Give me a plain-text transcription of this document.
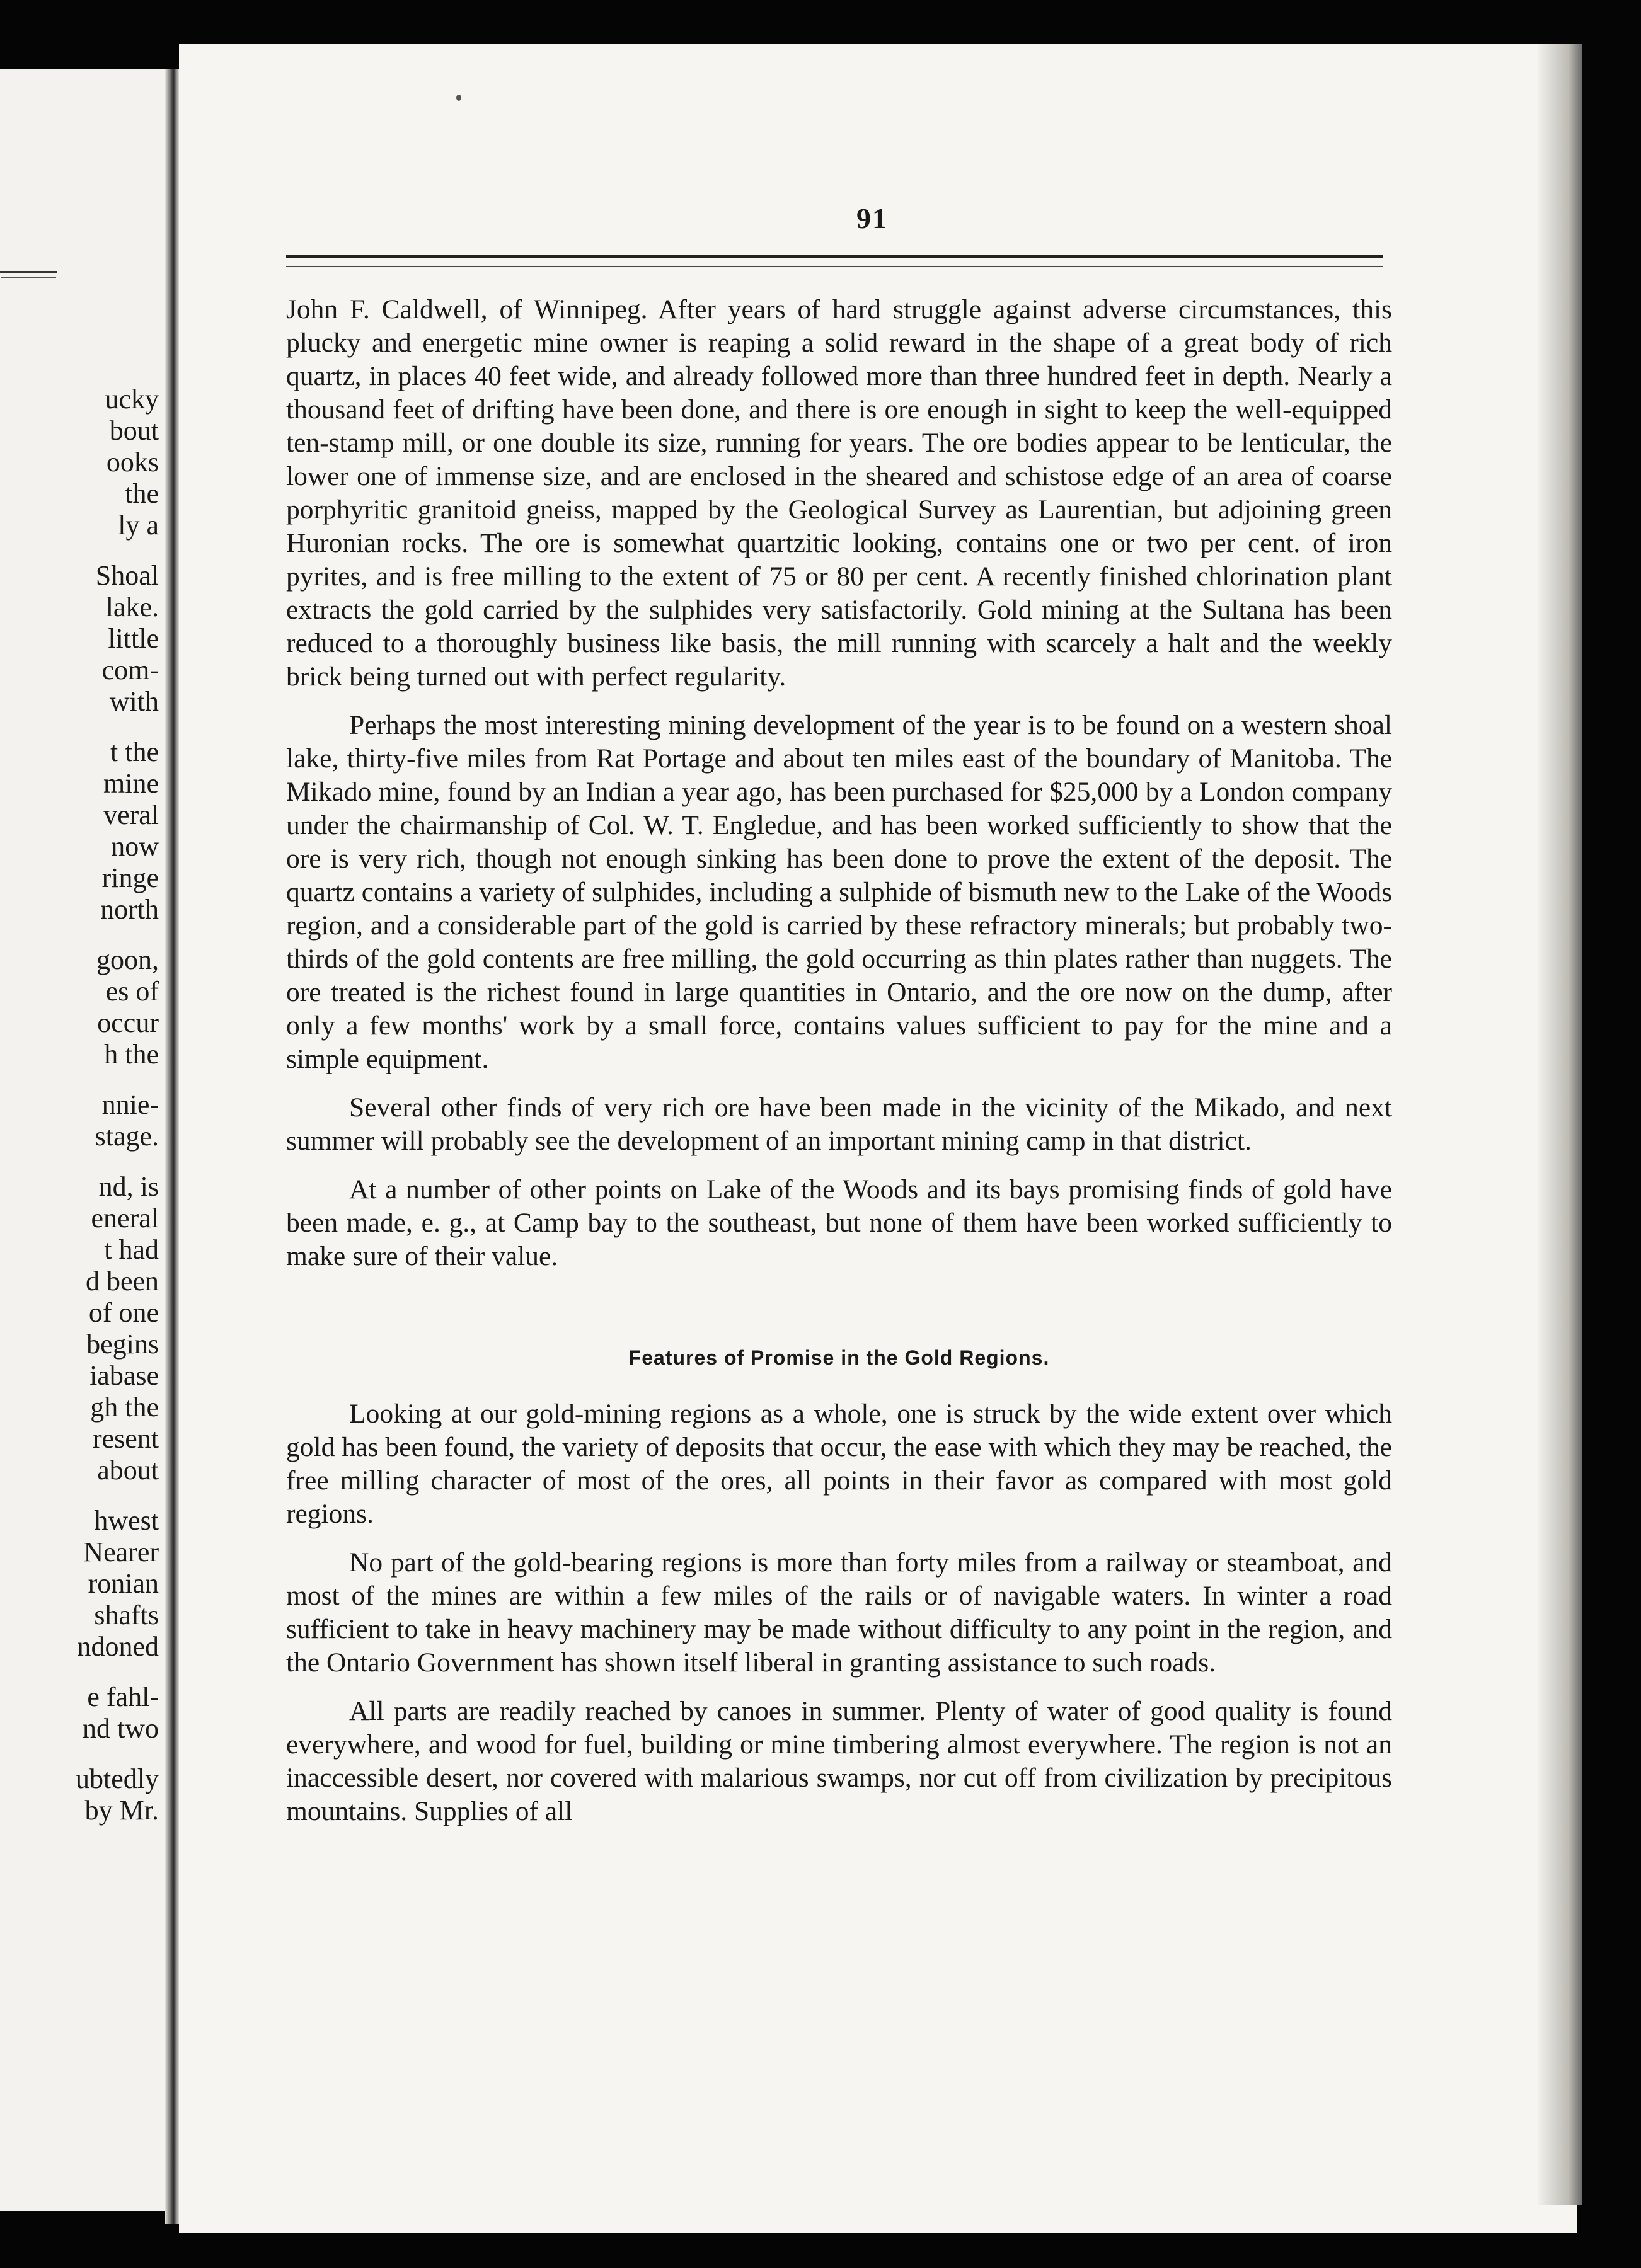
ucky
bout
ooks
the
ly a
Shoal
lake.
little
com-
with
t the
mine
veral
now
ringe
north
goon,
es of
occur
h the
nnie-
stage.
nd, is
eneral
t had
d been
of one
begins
iabase
gh the
resent
about
hwest
Nearer
ronian
shafts
ndoned
e fahl-
nd two
ubtedly
by Mr.
91

John F. Caldwell, of Winnipeg. After years of hard struggle against adverse circumstances, this plucky and energetic mine owner is reaping a solid reward in the shape of a great body of rich quartz, in places 40 feet wide, and already followed more than three hundred feet in depth. Nearly a thousand feet of drifting have been done, and there is ore enough in sight to keep the well-equipped ten-stamp mill, or one double its size, running for years. The ore bodies appear to be lenticular, the lower one of immense size, and are enclosed in the sheared and schistose edge of an area of coarse porphyritic granitoid gneiss, mapped by the Geological Survey as Laurentian, but adjoining green Huronian rocks. The ore is somewhat quartzitic looking, contains one or two per cent. of iron pyrites, and is free milling to the extent of 75 or 80 per cent. A recently finished chlorination plant extracts the gold carried by the sulphides very satisfactorily. Gold mining at the Sultana has been reduced to a thoroughly business like basis, the mill running with scarcely a halt and the weekly brick being turned out with perfect regularity.

Perhaps the most interesting mining development of the year is to be found on a western shoal lake, thirty-five miles from Rat Portage and about ten miles east of the boundary of Manitoba. The Mikado mine, found by an Indian a year ago, has been purchased for $25,000 by a London company under the chairmanship of Col. W. T. Engledue, and has been worked sufficiently to show that the ore is very rich, though not enough sinking has been done to prove the extent of the deposit. The quartz contains a variety of sulphides, including a sulphide of bismuth new to the Lake of the Woods region, and a considerable part of the gold is carried by these refractory minerals; but probably two-thirds of the gold contents are free milling, the gold occurring as thin plates rather than nuggets. The ore treated is the richest found in large quantities in Ontario, and the ore now on the dump, after only a few months' work by a small force, contains values sufficient to pay for the mine and a simple equipment.

Several other finds of very rich ore have been made in the vicinity of the Mikado, and next summer will probably see the development of an important mining camp in that district.

At a number of other points on Lake of the Woods and its bays promising finds of gold have been made, e. g., at Camp bay to the southeast, but none of them have been worked sufficiently to make sure of their value.

Features of Promise in the Gold Regions.

Looking at our gold-mining regions as a whole, one is struck by the wide extent over which gold has been found, the variety of deposits that occur, the ease with which they may be reached, the free milling character of most of the ores, all points in their favor as compared with most gold regions.

No part of the gold-bearing regions is more than forty miles from a railway or steamboat, and most of the mines are within a few miles of the rails or of navigable waters. In winter a road sufficient to take in heavy machinery may be made without difficulty to any point in the region, and the Ontario Government has shown itself liberal in granting assistance to such roads.

All parts are readily reached by canoes in summer. Plenty of water of good quality is found everywhere, and wood for fuel, building or mine timbering almost everywhere. The region is not an inaccessible desert, nor covered with malarious swamps, nor cut off from civilization by precipitous mountains. Supplies of all
